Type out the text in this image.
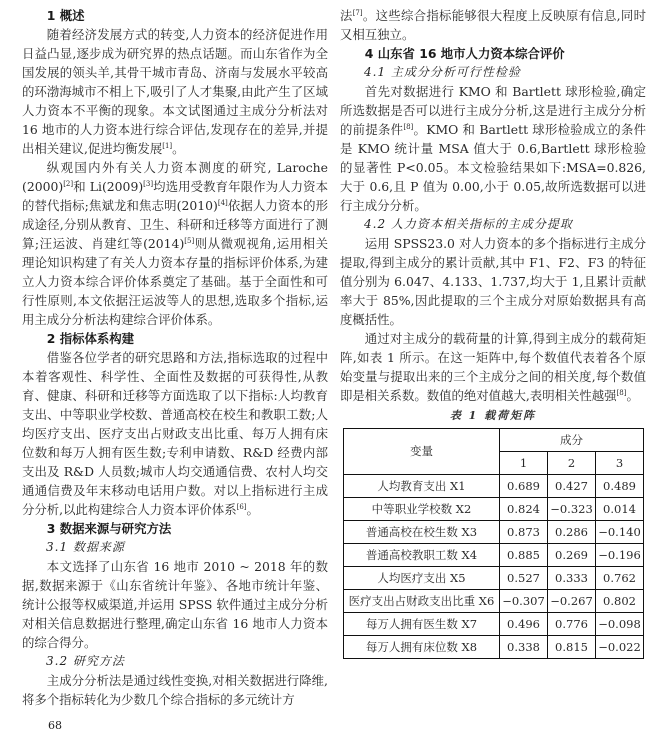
1 概述

随着经济发展方式的转变,人力资本的经济促进作用日益凸显,逐步成为研究界的热点话题。而山东省作为全国发展的领头羊,其骨干城市青岛、济南与发展水平较高的环渤海城市不相上下,吸引了人才集聚,由此产生了区域人力资本不平衡的现象。本文试图通过主成分分析法对 16 地市的人力资本进行综合评估,发现存在的差异,并提出相关建议,促进均衡发展[1]。

纵观国内外有关人力资本测度的研究, Laroche (2000)[2]和 Li(2009)[3]均选用受教育年限作为人力资本的替代指标;焦斌龙和焦志明(2010)[4]依据人力资本的形成途径,分别从教育、卫生、科研和迁移等方面进行了测算;汪运波、肖建红等(2014)[5]则从微观视角,运用相关理论知识构建了有关人力资本存量的指标评价体系,为建立人力资本综合评价体系奠定了基础。基于全面性和可行性原则,本文依据汪运波等人的思想,选取多个指标,运用主成分分析法构建综合评价体系。

2 指标体系构建

借鉴各位学者的研究思路和方法,指标选取的过程中本着客观性、科学性、全面性及数据的可获得性,从教育、健康、科研和迁移等方面选取了以下指标:人均教育支出、中等职业学校数、普通高校在校生和教职工数;人均医疗支出、医疗支出占财政支出比重、每万人拥有床位数和每万人拥有医生数;专利申请数、R&D 经费内部支出及 R&D 人员数;城市人均交通通信费、农村人均交通通信费及年末移动电话用户数。对以上指标进行主成分分析,以此构建综合人力资本评价体系[6]。

3 数据来源与研究方法
3.1 数据来源

本文选择了山东省 16 地市 2010 ~ 2018 年的数据,数据来源于《山东省统计年鉴》、各地市统计年鉴、统计公报等权威渠道,并运用 SPSS 软件通过主成分分析对相关信息数据进行整理,确定山东省 16 地市人力资本的综合得分。

3.2 研究方法

主成分分析法是通过线性变换,对相关数据进行降维,将多个指标转化为少数几个综合指标的多元统计方

68

法[7]。这些综合指标能够很大程度上反映原有信息,同时又相互独立。

4 山东省 16 地市人力资本综合评价
4.1 主成分分析可行性检验

首先对数据进行 KMO 和 Bartlett 球形检验,确定所选数据是否可以进行主成分分析,这是进行主成分分析的前提条件[8]。KMO 和 Bartlett 球形检验成立的条件是 KMO 统计量 MSA 值大于 0.6,Bartlett 球形检验的显著性 P<0.05。本文检验结果如下:MSA=0.826,大于 0.6,且 P 值为 0.00,小于 0.05,故所选数据可以进行主成分分析。

4.2 人力资本相关指标的主成分提取

运用 SPSS23.0 对人力资本的多个指标进行主成分提取,得到主成分的累计贡献,其中 F1、F2、F3 的特征值分别为 6.047、4.133、1.737,均大于 1,且累计贡献率大于 85%,因此提取的三个主成分对原始数据具有高度概括性。

通过对主成分的载荷量的计算,得到主成分的载荷矩阵,如表 1 所示。在这一矩阵中,每个数值代表着各个原始变量与提取出来的三个主成分之间的相关度,每个数值即是相关系数。数值的绝对值越大,表明相关性越强[8]。

表 1 载荷矩阵
变量	成分		
	1	2	3
人均教育支出 X1	0.689	0.427	0.489
中等职业学校数 X2	0.824	−0.323	0.014
普通高校在校生数 X3	0.873	0.286	−0.140
普通高校教职工数 X4	0.885	0.269	−0.196
人均医疗支出 X5	0.527	0.333	0.762
医疗支出占财政支出比重 X6	−0.307	−0.267	0.802
每万人拥有医生数 X7	0.496	0.776	−0.098
每万人拥有床位数 X8	0.338	0.815	−0.022
